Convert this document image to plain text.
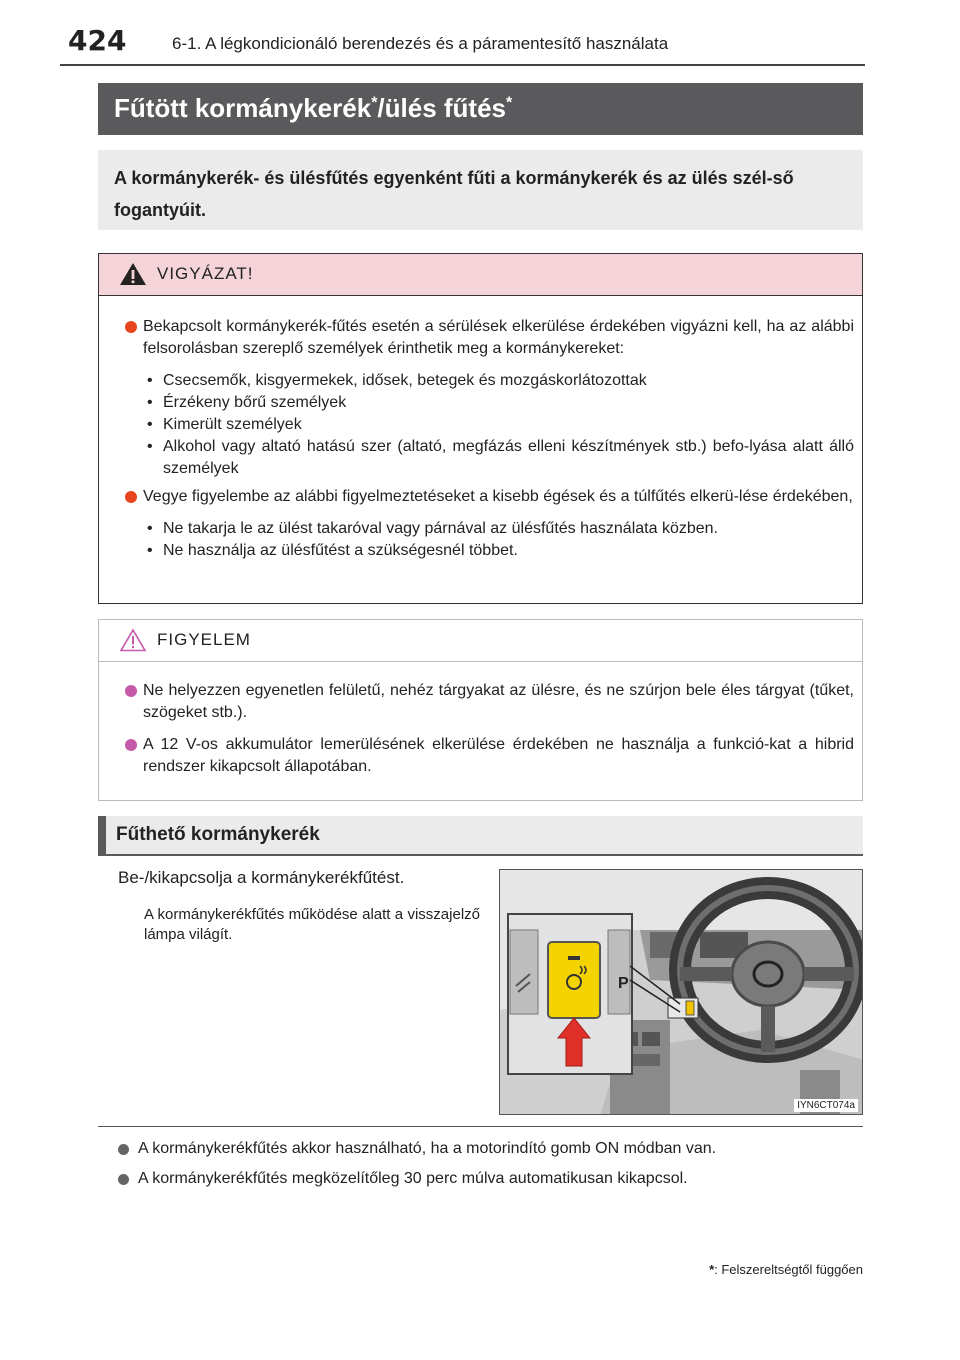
424	6-1. A légkondicionáló berendezés és a páramentesítő használata
Fűtött kormánykerék*/ülés fűtés*

A kormánykerék- és ülésfűtés egyenként fűti a kormánykerék és az ülés szél-ső fogantyúit.

VIGYÁZAT!
Bekapcsolt kormánykerék-fűtés esetén a sérülések elkerülése érdekében vigyázni kell, ha az alábbi felsorolásban szereplő személyek érinthetik meg a kormánykereket:
• Csecsemők, kisgyermekek, idősek, betegek és mozgáskorlátozottak
• Érzékeny bőrű személyek
• Kimerült személyek
• Alkohol vagy altató hatású szer (altató, megfázás elleni készítmények stb.) befo-lyása alatt álló személyek
Vegye figyelembe az alábbi figyelmeztetéseket a kisebb égések és a túlfűtés elkerü-lése érdekében,
• Ne takarja le az ülést takaróval vagy párnával az ülésfűtés használata közben.
• Ne használja az ülésfűtést a szükségesnél többet.
FIGYELEM
Ne helyezzen egyenetlen felületű, nehéz tárgyakat az ülésre, és ne szúrjon bele éles tárgyat (tűket, szögeket stb.).
A 12 V-os akkumulátor lemerülésének elkerülése érdekében ne használja a funkció-kat a hibrid rendszer kikapcsolt állapotában.
Fűthető kormánykerék
Be-/kikapcsolja a kormánykerékfűtést.
A kormánykerékfűtés működése alatt a visszajelző lámpa világít.
P
IYN6CT074a
A kormánykerékfűtés akkor használható, ha a motorindító gomb ON módban van.
A kormánykerékfűtés megközelítőleg 30 perc múlva automatikusan kikapcsol.
*: Felszereltségtől függően
